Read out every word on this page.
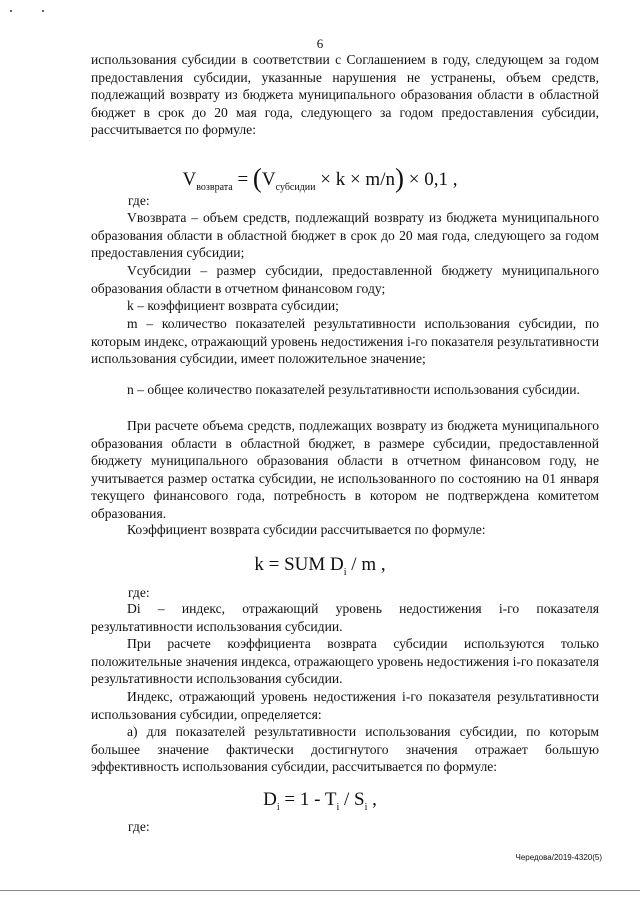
6

использования субсидии в соответствии с Соглашением в году, следующем за годом предоставления субсидии, указанные нарушения не устранены, объем средств, подлежащий возврату из бюджета муниципального образования области в областной бюджет в срок до 20 мая года, следующего за годом предоставления субсидии, рассчитывается по формуле:

$V_{возврата} = (V_{субсидии} \times k \times m/n) \times 0,1$ ,
где:

Vвозврата – объем средств, подлежащий возврату из бюджета муниципального образования области в областной бюджет в срок до 20 мая года, следующего за годом предоставления субсидии;

Vсубсидии – размер субсидии, предоставленной бюджету муниципального образования области в отчетном финансовом году;

k – коэффициент возврата субсидии;

m – количество показателей результативности использования субсидии, по которым индекс, отражающий уровень недостижения i-го показателя результативности использования субсидии, имеет положительное значение;

n – общее количество показателей результативности использования субсидии.

При расчете объема средств, подлежащих возврату из бюджета муниципального образования области в областной бюджет, в размере субсидии, предоставленной бюджету муниципального образования области в отчетном финансовом году, не учитывается размер остатка субсидии, не использованного по состоянию на 01 января текущего финансового года, потребность в котором не подтверждена комитетом образования.

Коэффициент возврата субсидии рассчитывается по формуле:

k = SUM $D_i$ / m ,
где:

Di – индекс, отражающий уровень недостижения i-го показателя результативности использования субсидии.

При расчете коэффициента возврата субсидии используются только положительные значения индекса, отражающего уровень недостижения i-го показателя результативности использования субсидии.

Индекс, отражающий уровень недостижения i-го показателя результативности использования субсидии, определяется:

а) для показателей результативности использования субсидии, по которым большее значение фактически достигнутого значения отражает большую эффективность использования субсидии, рассчитывается по формуле:

$D_i = 1 - T_i / S_i$ ,
где:
Чередова/2019-4320(5)
